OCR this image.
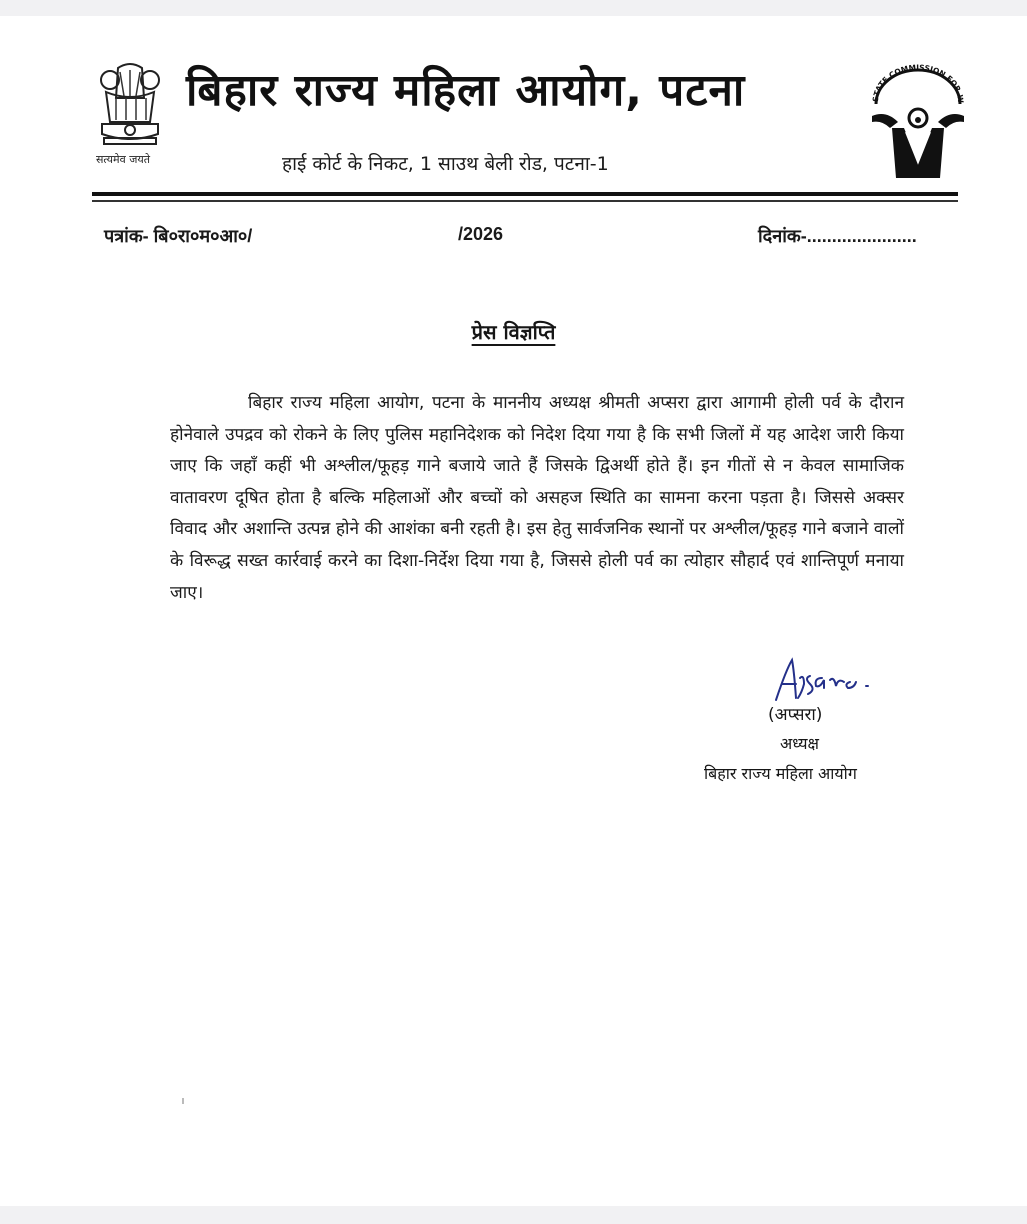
सत्यमेव जयते
बिहार राज्य महिला आयोग, पटना
हाई कोर्ट के निकट, 1 साउथ बेली रोड, पटना-1
STATE COMMISSION FOR W
पत्रांक- बि०रा०म०आ०/	/2026	दिनांक-......................
प्रेस विज्ञप्ति

बिहार राज्य महिला आयोग, पटना के माननीय अध्यक्ष श्रीमती अप्सरा द्वारा आगामी होली पर्व के दौरान होनेवाले उपद्रव को रोकने के लिए पुलिस महानिदेशक को निदेश दिया गया है कि सभी जिलों में यह आदेश जारी किया जाए कि जहाँ कहीं भी अश्लील/फूहड़ गाने बजाये जाते हैं जिसके द्विअर्थी होते हैं। इन गीतों से न केवल सामाजिक वातावरण दूषित होता है बल्कि महिलाओं और बच्चों को असहज स्थिति का सामना करना पड़ता है। जिससे अक्सर विवाद और अशान्ति उत्पन्न होने की आशंका बनी रहती है। इस हेतु सार्वजनिक स्थानों पर अश्लील/फूहड़ गाने बजाने वालों के विरूद्ध सख्त कार्रवाई करने का दिशा-निर्देश दिया गया है, जिससे होली पर्व का त्योहार सौहार्द एवं शान्तिपूर्ण मनाया जाए।

(अप्सरा)
अध्यक्ष
बिहार राज्य महिला आयोग
